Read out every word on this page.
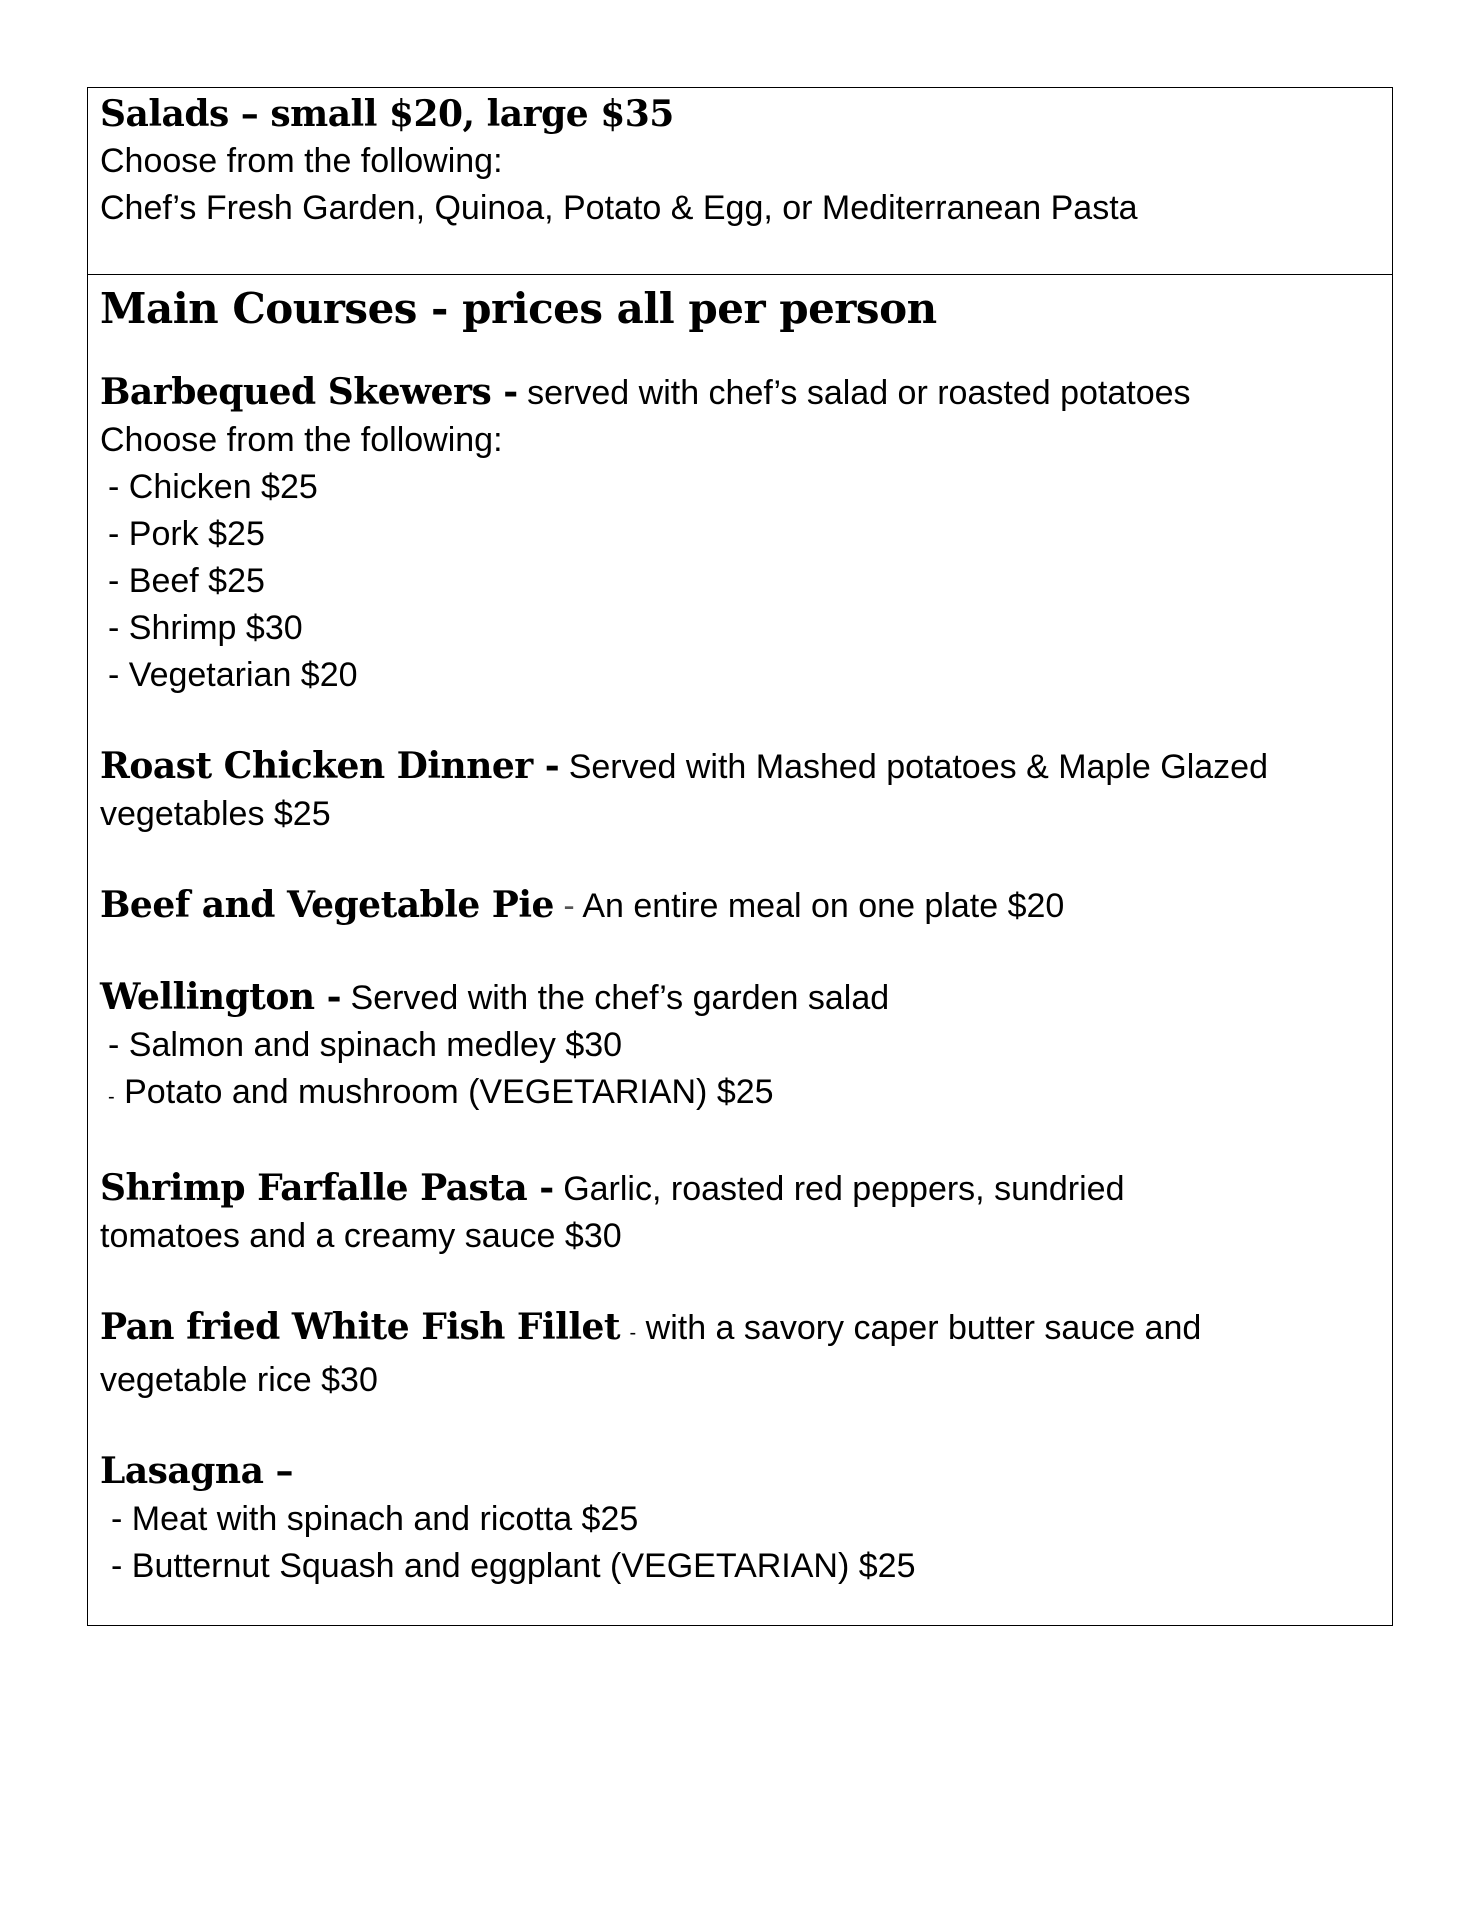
Salads – small $20, large $35
Choose from the following:
Chef’s Fresh Garden, Quinoa, Potato & Egg, or Mediterranean Pasta
Main Courses - prices all per person
Barbequed Skewers - served with chef’s salad or roasted potatoes
Choose from the following:
- Chicken $25
- Pork $25
- Beef $25
- Shrimp $30
- Vegetarian $20
Roast Chicken Dinner - Served with Mashed potatoes & Maple Glazed
vegetables $25
Beef and Vegetable Pie - An entire meal on one plate $20
Wellington - Served with the chef’s garden salad
- Salmon and spinach medley $30
- Potato and mushroom (VEGETARIAN) $25
Shrimp Farfalle Pasta - Garlic, roasted red peppers, sundried
tomatoes and a creamy sauce $30
Pan fried White Fish Fillet - with a savory caper butter sauce and
vegetable rice $30
Lasagna –
- Meat with spinach and ricotta $25
- Butternut Squash and eggplant (VEGETARIAN) $25
